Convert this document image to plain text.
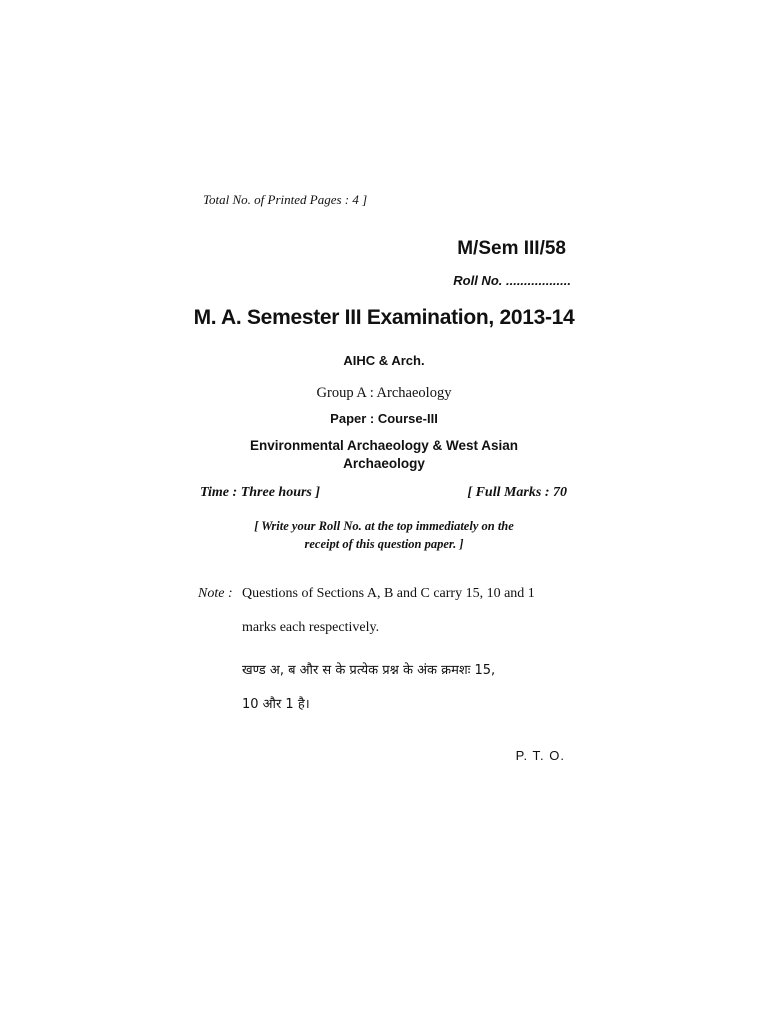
Total No. of Printed Pages : 4 ]
M/Sem III/58
Roll No. ..................
M. A. Semester III Examination, 2013-14
AIHC & Arch.
Group A : Archaeology
Paper : Course-III
Environmental Archaeology & West Asian
Archaeology
Time : Three hours ]	[ Full Marks : 70
[ Write your Roll No. at the top immediately on the
receipt of this question paper. ]
Note : Questions of Sections A, B and C carry 15, 10 and 1
marks each respectively.
खण्ड अ, ब और स के प्रत्येक प्रश्न के अंक क्रमशः 15,
10 और 1 है।
P. T. O.
